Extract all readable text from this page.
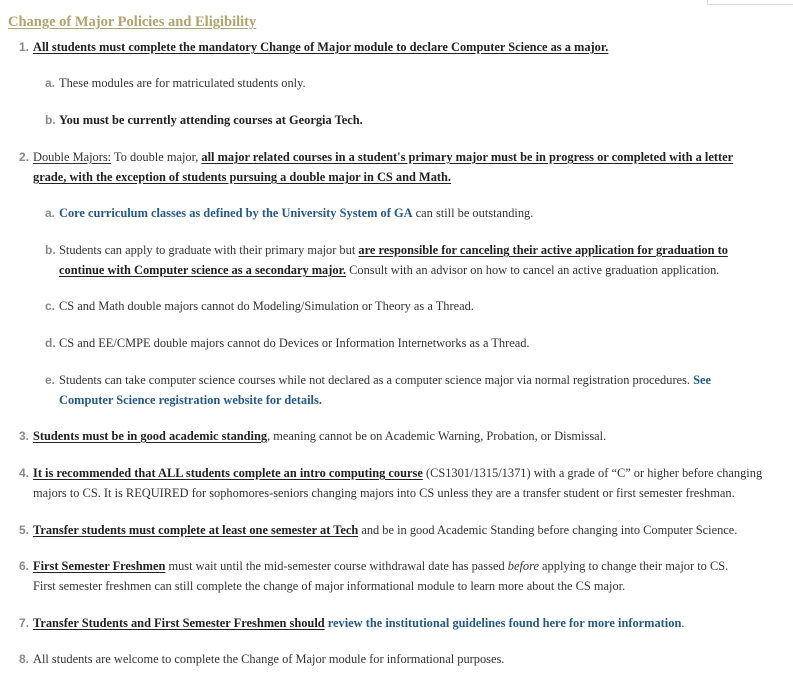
Change of Major Policies and Eligibility
1. All students must complete the mandatory Change of Major module to declare Computer Science as a major.
a. These modules are for matriculated students only.
b. You must be currently attending courses at Georgia Tech.
2. Double Majors: To double major, all major related courses in a student's primary major must be in progress or completed with a letter
grade, with the exception of students pursuing a double major in CS and Math.
a. Core curriculum classes as defined by the University System of GA can still be outstanding.
b. Students can apply to graduate with their primary major but are responsible for canceling their active application for graduation to
continue with Computer science as a secondary major. Consult with an advisor on how to cancel an active graduation application.
c. CS and Math double majors cannot do Modeling/Simulation or Theory as a Thread.
d. CS and EE/CMPE double majors cannot do Devices or Information Internetworks as a Thread.
e. Students can take computer science courses while not declared as a computer science major via normal registration procedures. See
Computer Science registration website for details.
3. Students must be in good academic standing, meaning cannot be on Academic Warning, Probation, or Dismissal.
4. It is recommended that ALL students complete an intro computing course (CS1301/1315/1371) with a grade of “C” or higher before changing
majors to CS. It is REQUIRED for sophomores-seniors changing majors into CS unless they are a transfer student or first semester freshman.
5. Transfer students must complete at least one semester at Tech and be in good Academic Standing before changing into Computer Science.
6. First Semester Freshmen must wait until the mid-semester course withdrawal date has passed before applying to change their major to CS.
First semester freshmen can still complete the change of major informational module to learn more about the CS major.
7. Transfer Students and First Semester Freshmen should review the institutional guidelines found here for more information.
8. All students are welcome to complete the Change of Major module for informational purposes.
